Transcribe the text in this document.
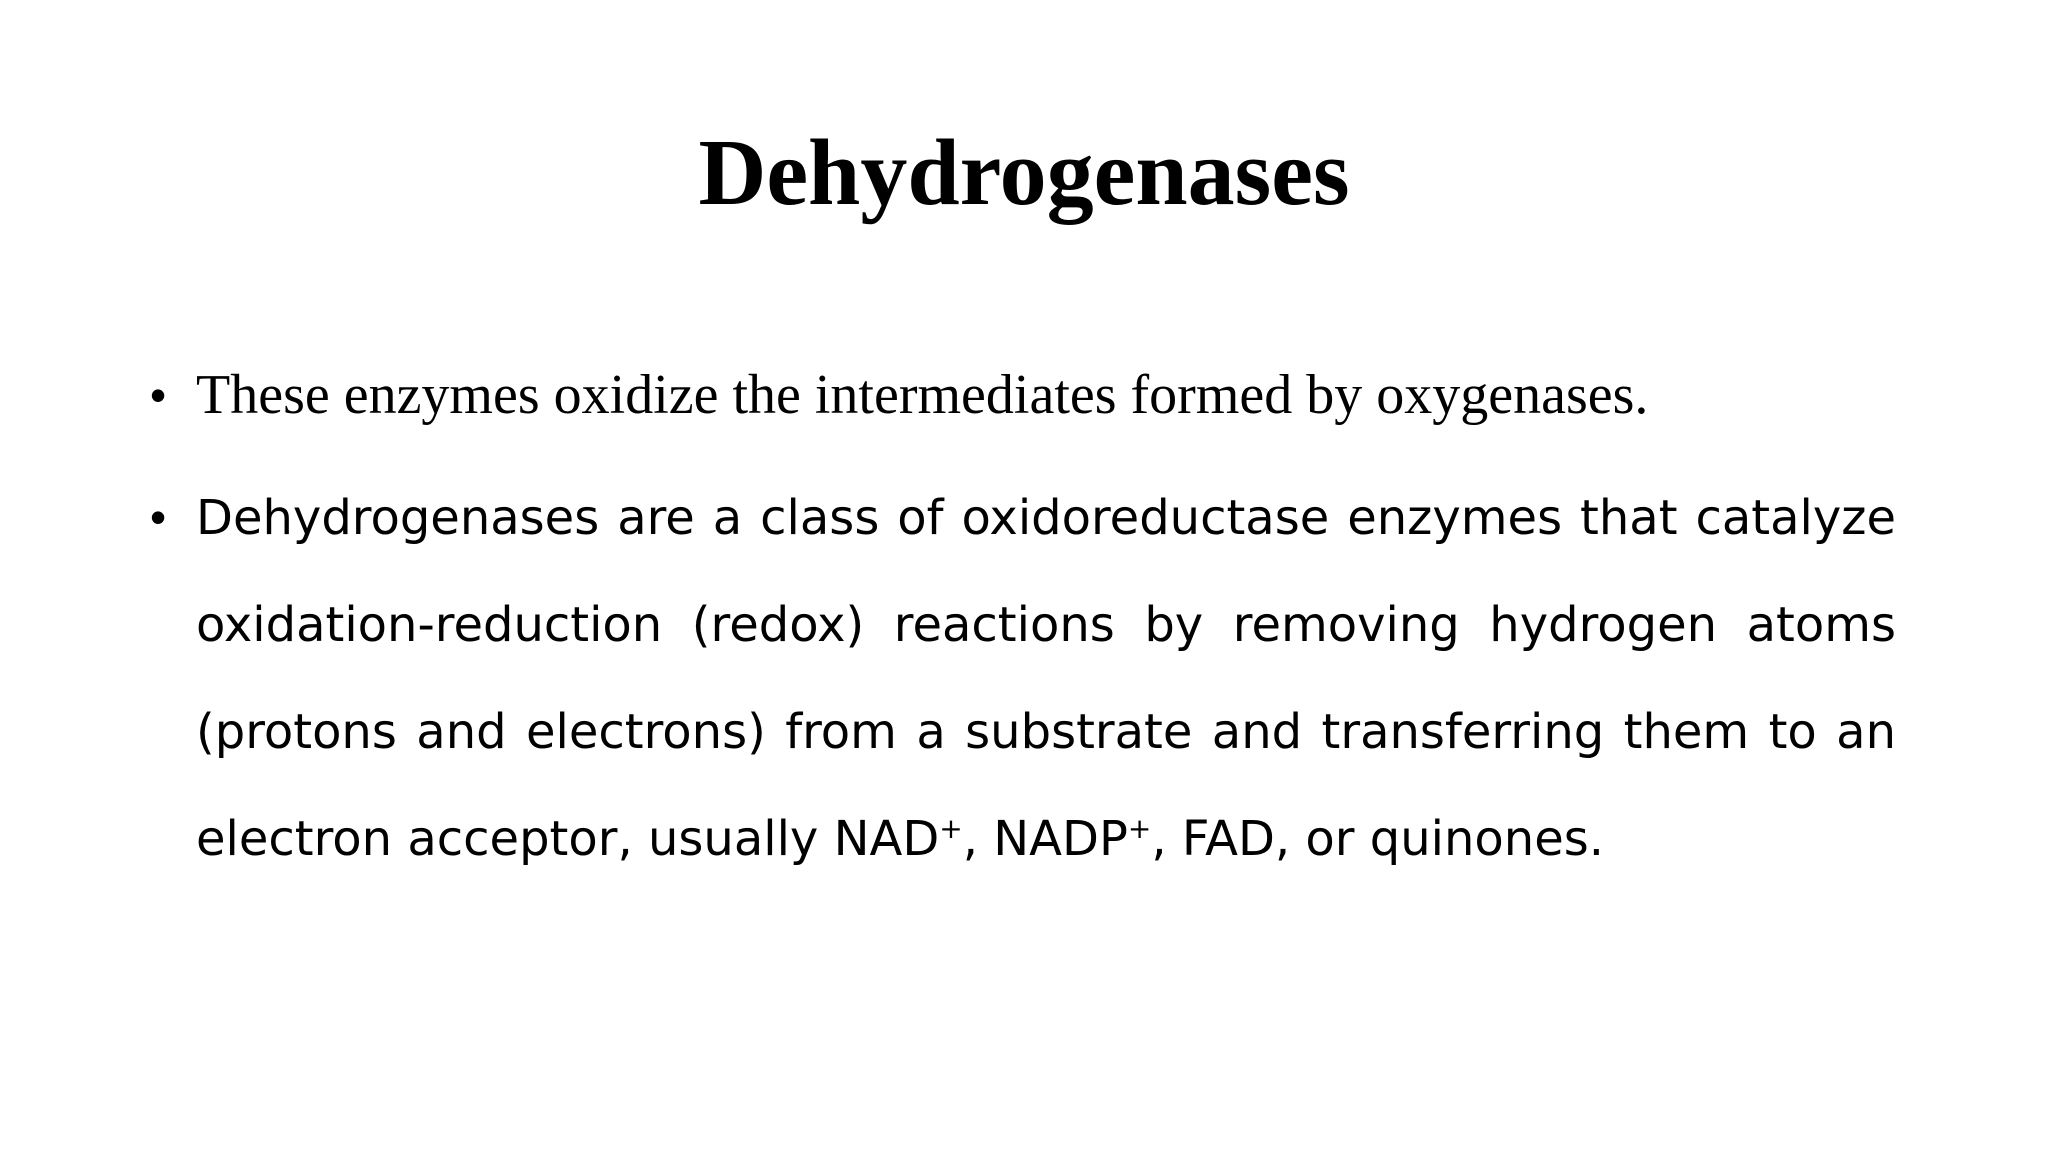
Dehydrogenases
• These enzymes oxidize the intermediates formed by oxygenases.
• Dehydrogenases are a class of oxidoreductase enzymes that catalyze oxidation-reduction (redox) reactions by removing hydrogen atoms (protons and electrons) from a substrate and transferring them to an electron acceptor, usually NAD+, NADP+, FAD, or quinones.
